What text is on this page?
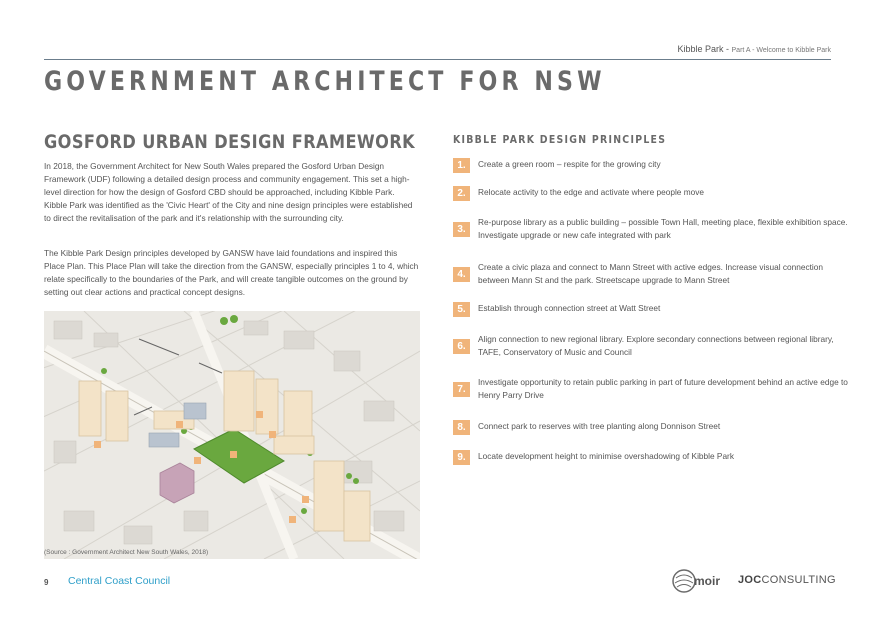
Kibble Park - Part A - Welcome to Kibble Park
GOVERNMENT ARCHITECT FOR NSW
GOSFORD URBAN DESIGN FRAMEWORK

In 2018, the Government Architect for New South Wales prepared the Gosford Urban Design Framework (UDF) following a detailed design process and community engagement. This set a high-level direction for how the design of Gosford CBD should be approached, including Kibble Park. Kibble Park was identified as the 'Civic Heart' of the City and nine design principles were established to direct the revitalisation of the park and it's relationship with the surrounding city.

The Kibble Park Design principles developed by GANSW have laid foundations and inspired this Place Plan. This Place Plan will take the direction from the GANSW, especially principles 1 to 4, which relate specifically to the boundaries of the Park, and will create tangible outcomes on the ground by setting out clear actions and practical concept designs.

(Source : Government Architect New South Wales, 2018)
KIBBLE PARK DESIGN PRINCIPLES
1.	Create a green room – respite for the growing city
2.	Relocate activity to the edge and activate where people move
3.
Re-purpose library as a public building – possible Town Hall, meeting place, flexible exhibition space. Investigate upgrade or new cafe integrated with park
4.
Create a civic plaza and connect to Mann Street with active edges. Increase visual connection between Mann St and the park. Streetscape upgrade to Mann Street
5.	Establish through connection street at Watt Street
6.
Align connection to new regional library. Explore secondary connections between regional library, TAFE, Conservatory of Music and Council
7.
Investigate opportunity to retain public parking in part of future development behind an active edge to Henry Parry Drive
8.	Connect park to reserves with tree planting along Donnison Street
9.	Locate development height to minimise overshadowing of Kibble Park
9 Central Coast Council	moir JOCCONSULTING
